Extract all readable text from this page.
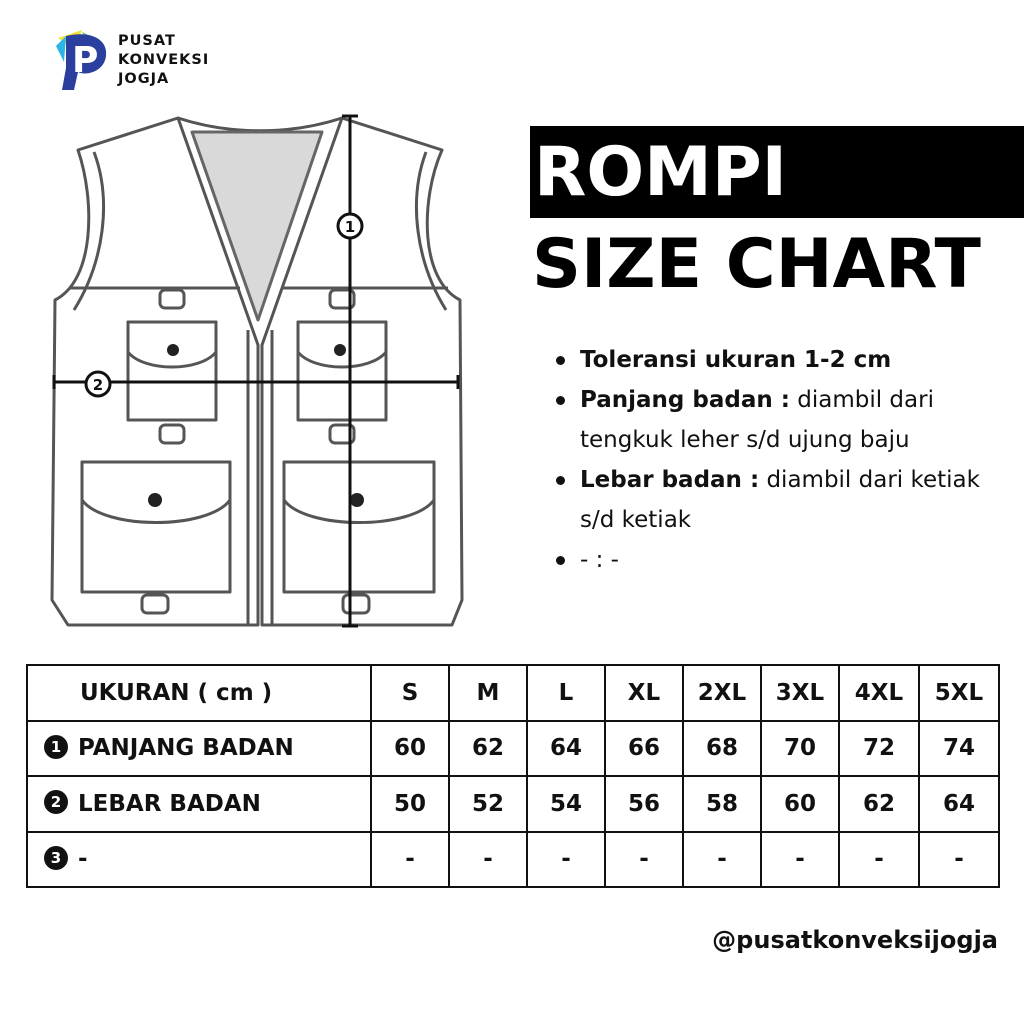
P PUSAT
KONVEKSI
JOGJA
1
2
ROMPI
SIZE CHART
Toleransi ukuran 1-2 cm
Panjang badan : diambil dari tengkuk leher s/d ujung baju
Lebar badan : diambil dari ketiak s/d ketiak
- : -
UKURAN ( cm )	S	M	L	XL	2XL	3XL	4XL	5XL
1 PANJANG BADAN	60	62	64	66	68	70	72	74
2 LEBAR BADAN	50	52	54	56	58	60	62	64
3 -	-	-	-	-	-	-	-	-
@pusatkonveksijogja
